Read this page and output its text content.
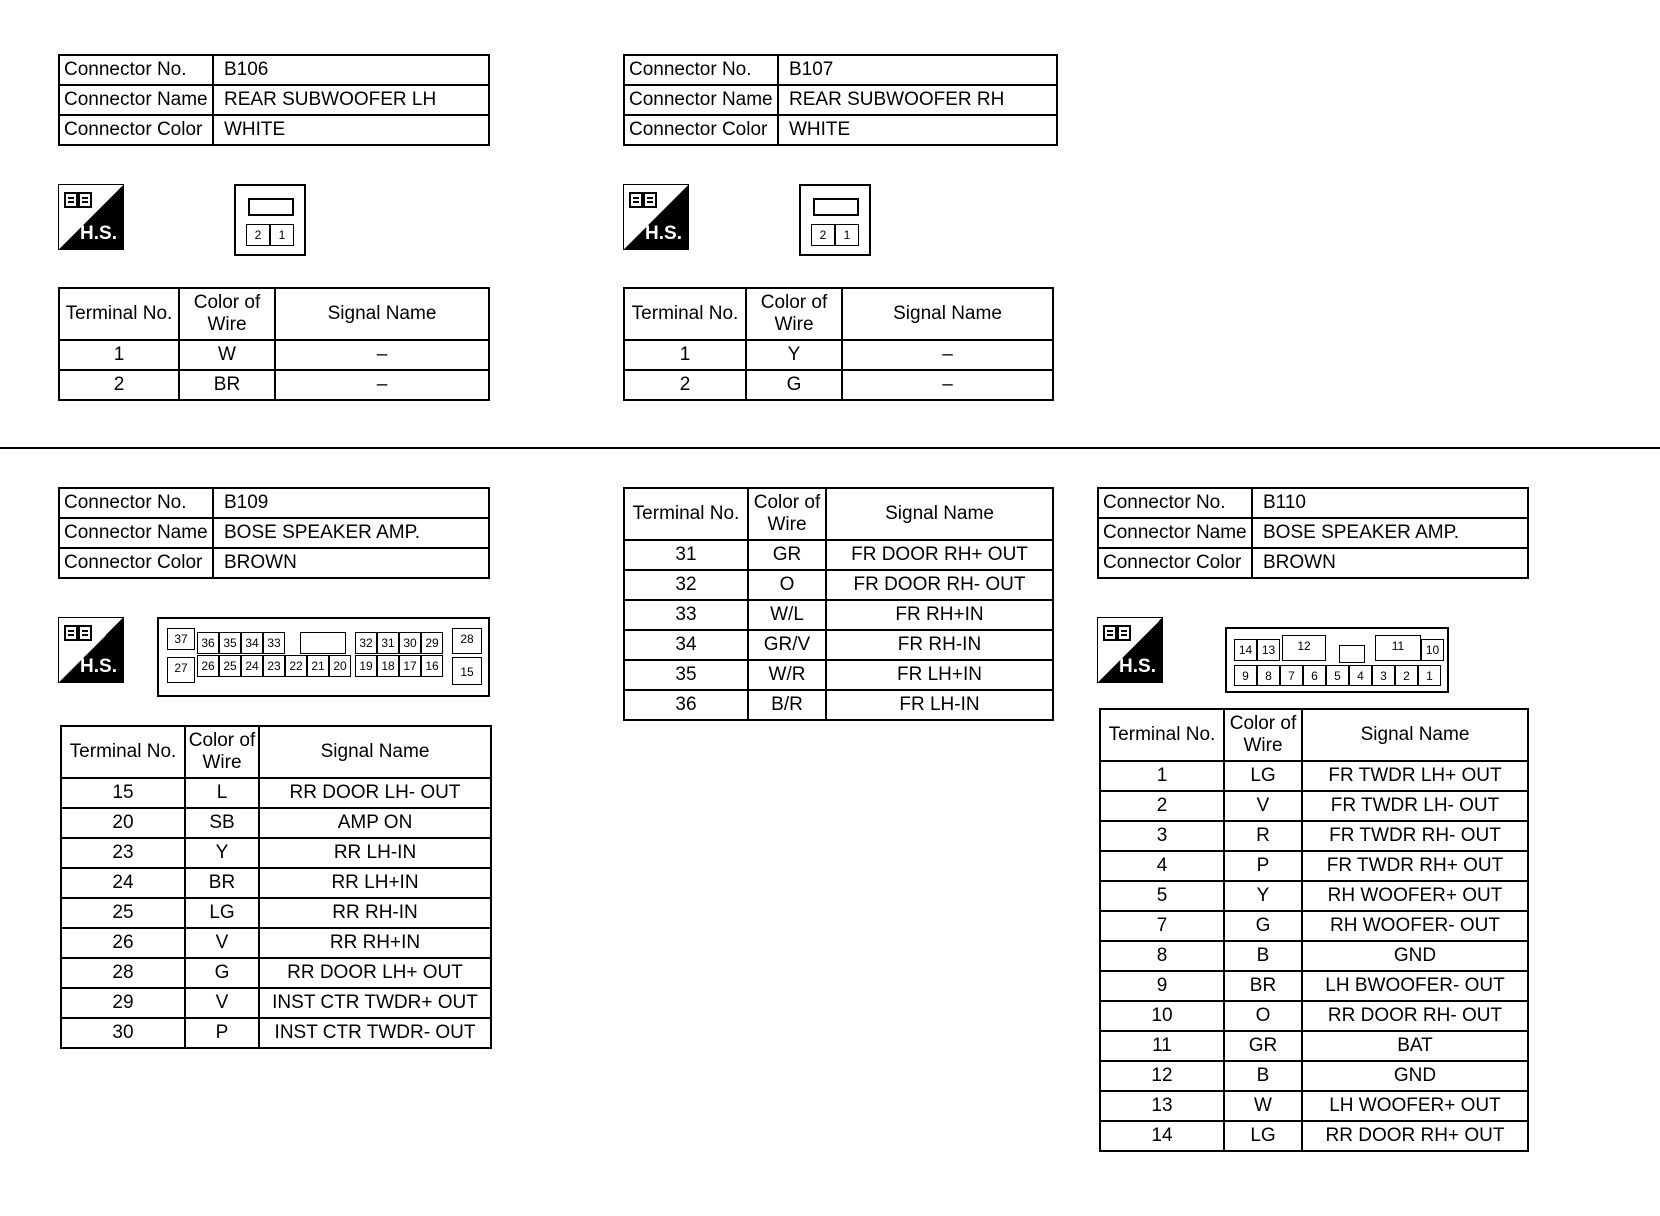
Connector No.	B106
Connector Name	REAR SUBWOOFER LH
Connector Color	WHITE
H.S.	2	1
Terminal No.	Color of Wire	Signal Name
1	W	–
2	BR	–
Connector No.	B107
Connector Name	REAR SUBWOOFER RH
Connector Color	WHITE
H.S.	2	1
Terminal No.	Color of Wire	Signal Name
1	Y	–
2	G	–
Connector No.	B109
Connector Name	BOSE SPEAKER AMP.
Connector Color	BROWN
H.S.
37	36 35 34 33	32 31 30 29	28
27	26 25 24 23 22 21 20	19 18 17 16	15
Terminal No.	Color of Wire	Signal Name
15	L	RR DOOR LH- OUT
20	SB	AMP ON
23	Y	RR LH-IN
24	BR	RR LH+IN
25	LG	RR RH-IN
26	V	RR RH+IN
28	G	RR DOOR LH+ OUT
29	V	INST CTR TWDR+ OUT
30	P	INST CTR TWDR- OUT
Terminal No.	Color of Wire	Signal Name
31	GR	FR DOOR RH+ OUT
32	O	FR DOOR RH- OUT
33	W/L	FR RH+IN
34	GR/V	FR RH-IN
35	W/R	FR LH+IN
36	B/R	FR LH-IN
Connector No.	B110
Connector Name	BOSE SPEAKER AMP.
Connector Color	BROWN
H.S.
14 13	12	11	10
9	8	7	6	5	4	3	2	1
Terminal No.	Color of Wire	Signal Name
1	LG	FR TWDR LH+ OUT
2	V	FR TWDR LH- OUT
3	R	FR TWDR RH- OUT
4	P	FR TWDR RH+ OUT
5	Y	RH WOOFER+ OUT
7	G	RH WOOFER- OUT
8	B	GND
9	BR	LH BWOOFER- OUT
10	O	RR DOOR RH- OUT
11	GR	BAT
12	B	GND
13	W	LH WOOFER+ OUT
14	LG	RR DOOR RH+ OUT
